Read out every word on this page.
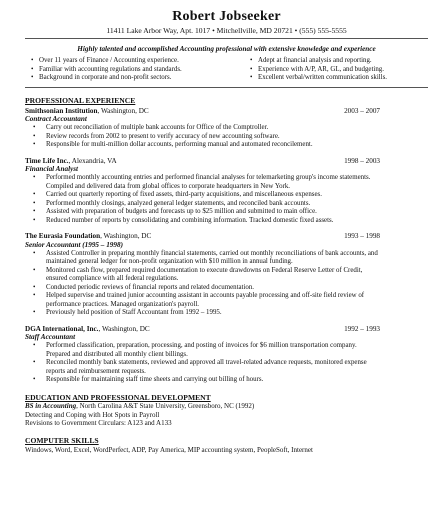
Robert Jobseeker
11411 Lake Arbor Way, Apt. 1017 • Mitchellville, MD 20721 • (555) 555-5555
Highly talented and accomplished Accounting professional with extensive knowledge and experience
• Over 11 years of Finance / Accounting experience.
• Familiar with accounting regulations and standards.
• Background in corporate and non-profit sectors.
• Adept at financial analysis and reporting.
• Experience with A/P, AR, GL, and budgeting.
• Excellent verbal/written communication skills.
PROFESSIONAL EXPERIENCE
Smithsonian Institution, Washington, DC	2003 – 2007
Contract Accountant
• Carry out reconciliation of multiple bank accounts for Office of the Comptroller.
• Review records from 2002 to present to verify accuracy of new accounting software.
• Responsible for multi-million dollar accounts, performing manual and automated reconcilement.
Time Life Inc., Alexandria, VA	1998 – 2003
Financial Analyst
• Performed monthly accounting entries and performed financial analyses for telemarketing group's income statements. Compiled and delivered data from global offices to corporate headquarters in New York.
• Carried out quarterly reporting of fixed assets, third-party acquisitions, and miscellaneous expenses.
• Performed monthly closings, analyzed general ledger statements, and reconciled bank accounts.
• Assisted with preparation of budgets and forecasts up to $25 million and submitted to main office.
• Reduced number of reports by consolidating and combining information. Tracked domestic fixed assets.
The Eurasia Foundation, Washington, DC	1993 – 1998
Senior Accountant (1995 – 1998)
• Assisted Controller in preparing monthly financial statements, carried out monthly reconciliations of bank accounts, and maintained general ledger for non-profit organization with $10 million in annual funding.
• Monitored cash flow, prepared required documentation to execute drawdowns on Federal Reserve Letter of Credit, ensured compliance with all federal regulations.
• Conducted periodic reviews of financial reports and related documentation.
• Helped supervise and trained junior accounting assistant in accounts payable processing and off-site field review of performance practices. Managed organization's payroll.
• Previously held position of Staff Accountant from 1992 – 1995.
DGA International, Inc., Washington, DC	1992 – 1993
Staff Accountant
• Performed classification, preparation, processing, and posting of invoices for $6 million transportation company. Prepared and distributed all monthly client billings.
• Reconciled monthly bank statements, reviewed and approved all travel-related advance requests, monitored expense reports and reimbursement requests.
• Responsible for maintaining staff time sheets and carrying out billing of hours.
EDUCATION AND PROFESSIONAL DEVELOPMENT
BS in Accounting, North Carolina A&T State University, Greensboro, NC (1992)
Detecting and Coping with Hot Spots in Payroll
Revisions to Government Circulars: A123 and A133
COMPUTER SKILLS
Windows, Word, Excel, WordPerfect, ADP, Pay America, MIP accounting system, PeopleSoft, Internet
